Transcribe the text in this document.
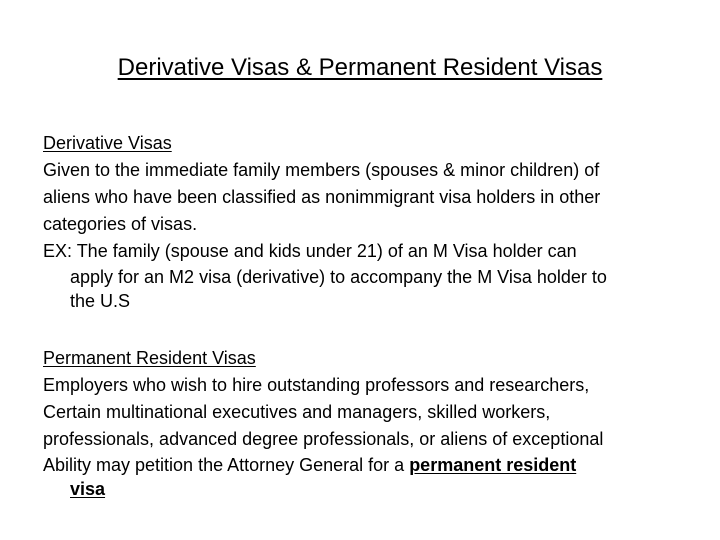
Derivative Visas & Permanent Resident Visas
Derivative Visas
Given to the immediate family members (spouses & minor children) of
aliens who have been classified as nonimmigrant visa holders in other
categories of visas.
EX: The family (spouse and kids under 21) of an M Visa holder can
apply for an M2 visa (derivative) to accompany the M Visa holder to
the U.S
Permanent Resident Visas
Employers who wish to hire outstanding professors and researchers,
Certain multinational executives and managers, skilled workers,
professionals, advanced degree professionals, or aliens of exceptional
Ability may petition the Attorney General for a permanent resident
visa
